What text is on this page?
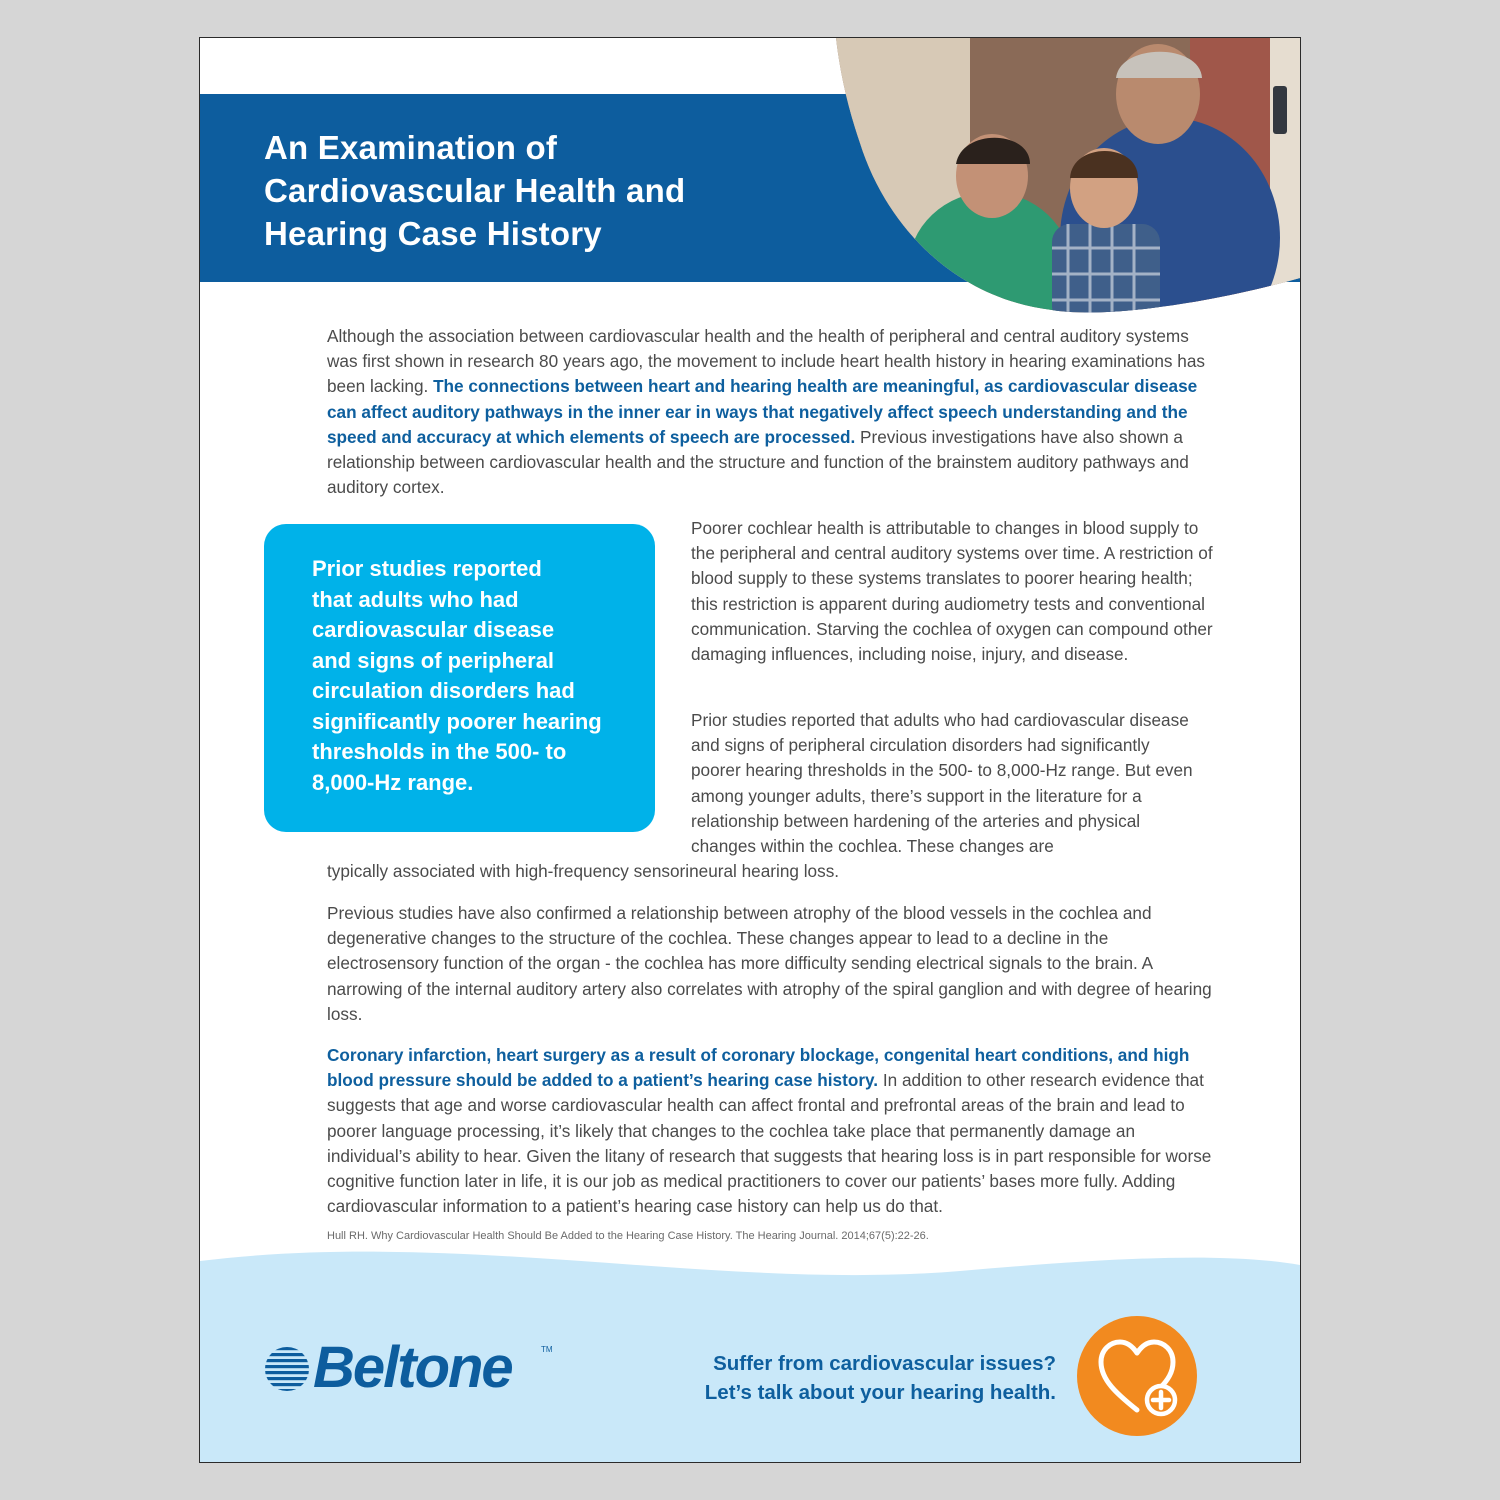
An Examination of
Cardiovascular Health and
Hearing Case History

Although the association between cardiovascular health and the health of peripheral and central auditory systems was first shown in research 80 years ago, the movement to include heart health history in hearing examinations has been lacking. The connections between heart and hearing health are meaningful, as cardiovascular disease can affect auditory pathways in the inner ear in ways that negatively affect speech understanding and the speed and accuracy at which elements of speech are processed. Previous investigations have also shown a relationship between cardiovascular health and the structure and function of the brainstem auditory pathways and auditory cortex.

Prior studies reported
that adults who had
cardiovascular disease
and signs of peripheral
circulation disorders had
significantly poorer hearing
thresholds in the 500- to
8,000-Hz range.

Poorer cochlear health is attributable to changes in blood supply to the peripheral and central auditory systems over time. A restriction of blood supply to these systems translates to poorer hearing health; this restriction is apparent during audiometry tests and conventional communication. Starving the cochlea of oxygen can compound other damaging influences, including noise, injury, and disease.

Prior studies reported that adults who had cardiovascular disease and signs of peripheral circulation disorders had significantly poorer hearing thresholds in the 500- to 8,000-Hz range. But even among younger adults, there’s support in the literature for a relationship between hardening of the arteries and physical changes within the cochlea. These changes are

typically associated with high-frequency sensorineural hearing loss.

Previous studies have also confirmed a relationship between atrophy of the blood vessels in the cochlea and degenerative changes to the structure of the cochlea. These changes appear to lead to a decline in the electrosensory function of the organ - the cochlea has more difficulty sending electrical signals to the brain. A narrowing of the internal auditory artery also correlates with atrophy of the spiral ganglion and with degree of hearing loss.

Coronary infarction, heart surgery as a result of coronary blockage, congenital heart conditions, and high blood pressure should be added to a patient’s hearing case history. In addition to other research evidence that suggests that age and worse cardiovascular health can affect frontal and prefrontal areas of the brain and lead to poorer language processing, it’s likely that changes to the cochlea take place that permanently damage an individual’s ability to hear. Given the litany of research that suggests that hearing loss is in part responsible for worse cognitive function later in life, it is our job as medical practitioners to cover our patients’ bases more fully. Adding cardiovascular information to a patient’s hearing case history can help us do that.

Hull RH. Why Cardiovascular Health Should Be Added to the Hearing Case History. The Hearing Journal. 2014;67(5):22-26.

Beltone	TM

Suffer from cardiovascular issues?
Let’s talk about your hearing health.
